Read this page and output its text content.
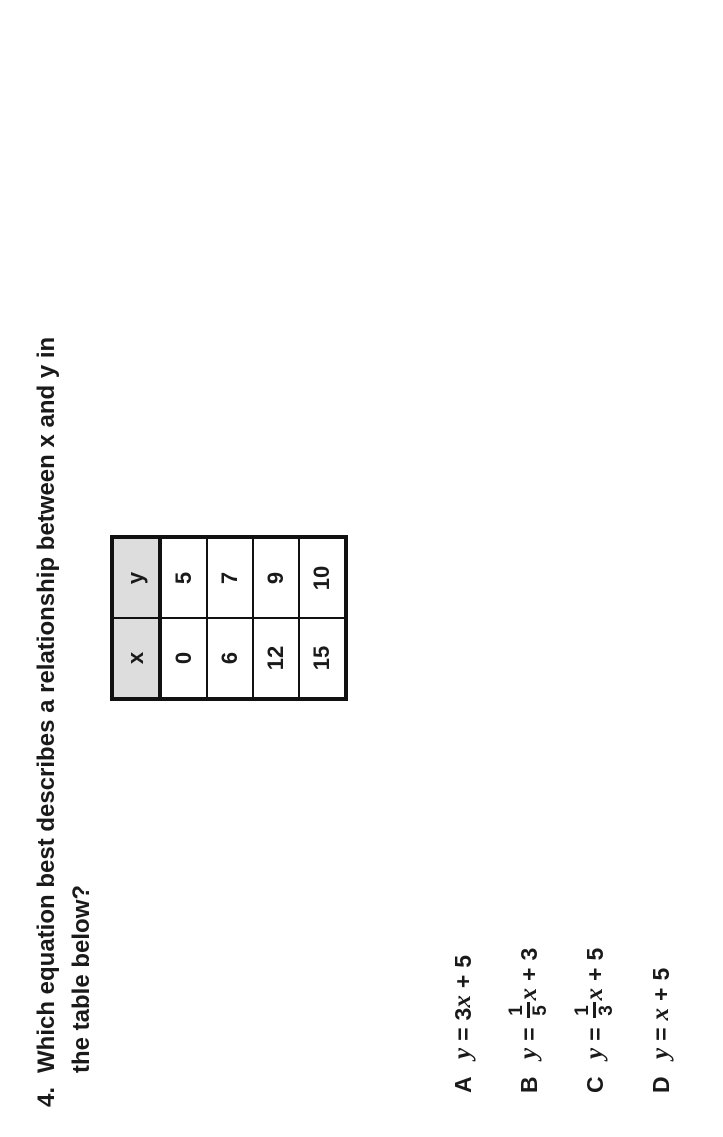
4.
Which equation best describes a relationship between x and y in the table below?
x	y
0	5
6	7
12	9
15	10
A
y
=
3
x
+
5
B
y
=
1 5
x
+
3
C
y
=
1 3
x
+
5
D
y
=
x
+
5
